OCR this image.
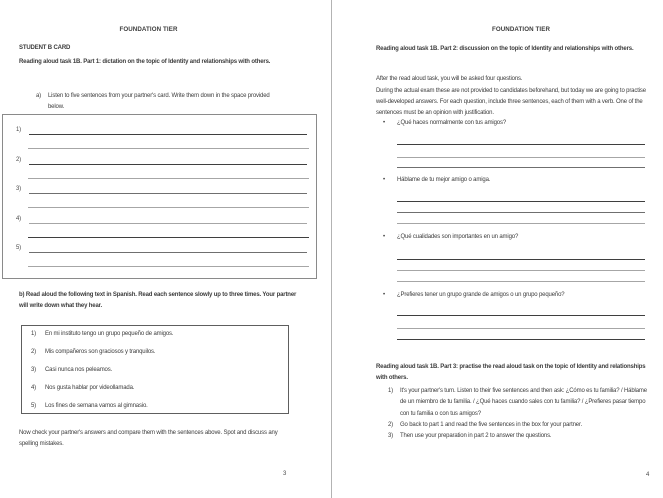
FOUNDATION TIER
STUDENT B CARD
Reading aloud task 1B. Part 1: dictation on the topic of Identity and relationships with others.
a)	Listen to five sentences from your partner's card. Write them down in the space provided below.
1)
2)
3)
4)
5)
b) Read aloud the following text in Spanish. Read each sentence slowly up to three times. Your partner will write down what they hear.
1)	En mi instituto tengo un grupo pequeño de amigos.
2)	Mis compañeros son graciosos y tranquilos.
3)	Casi nunca nos peleamos.
4)	Nos gusta hablar por videollamada.
5)	Los fines de semana vamos al gimnasio.
Now check your partner's answers and compare them with the sentences above. Spot and discuss any spelling mistakes.
3
FOUNDATION TIER
Reading aloud task 1B. Part 2: discussion on the topic of Identity and relationships with others.
After the read aloud task, you will be asked four questions.
During the actual exam these are not provided to candidates beforehand, but today we are going to practise well-developed answers. For each question, include three sentences, each of them with a verb. One of the sentences must be an opinion with justification.
•	¿Qué haces normalmente con tus amigos?
•	Háblame de tu mejor amigo o amiga.
•	¿Qué cualidades son importantes en un amigo?
•	¿Prefieres tener un grupo grande de amigos o un grupo pequeño?
Reading aloud task 1B. Part 3: practise the read aloud task on the topic of Identity and relationships with others.
1)	It's your partner's turn. Listen to their five sentences and then ask: ¿Cómo es tu familia? / Háblame de un miembro de tu familia. / ¿Qué haces cuando sales con tu familia? / ¿Prefieres pasar tiempo con tu familia o con tus amigos?
2)	Go back to part 1 and read the five sentences in the box for your partner.
3)	Then use your preparation in part 2 to answer the questions.
4
